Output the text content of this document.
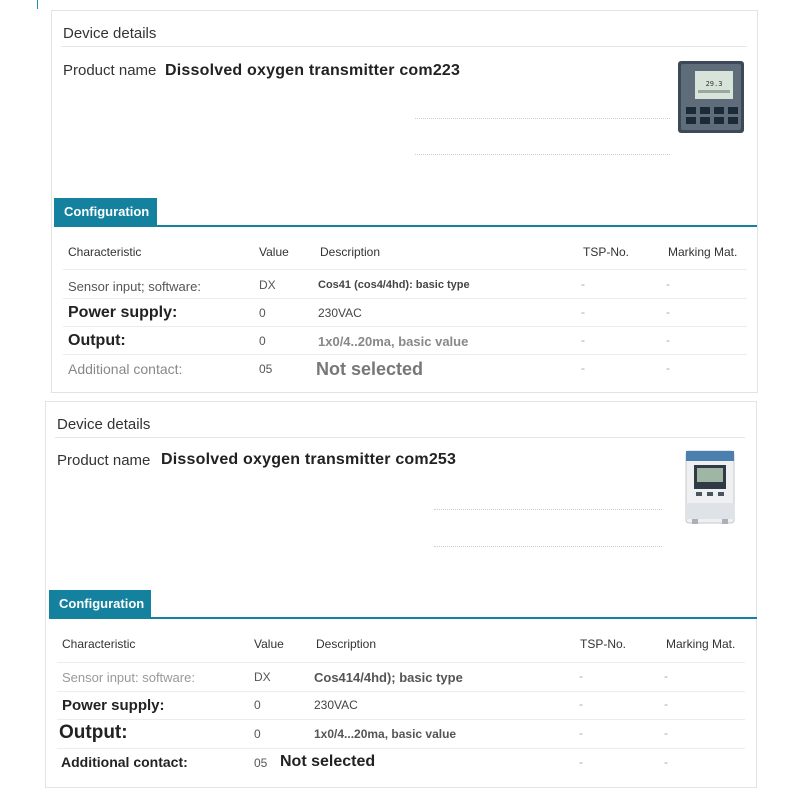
Device details
Product name Dissolved oxygen transmitter com223
29.3
Configuration
Characteristic	Value	Description	TSP-No.	Marking Mat.
Sensor input; software:	DX	Cos41 (cos4/4hd): basic type	-	-
Power supply:	0	230VAC	-	-
Output:	0	1x0/4..20ma, basic value	-	-
Additional contact:	05 Not selected	-	-
Device details
Product name Dissolved oxygen transmitter com253
Configuration
Characteristic	Value	Description	TSP-No.	Marking Mat.
Sensor input: software:	DX	Cos414/4hd); basic type	-	-
Power supply:	0	230VAC	-	-
Output:	0	1x0/4...20ma, basic value	-	-
Additional contact:	05 Not selected	-	-
